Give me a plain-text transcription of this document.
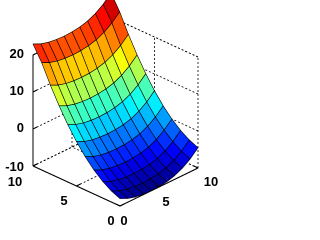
-10
0
10
20
10
5
0 0
5
10
